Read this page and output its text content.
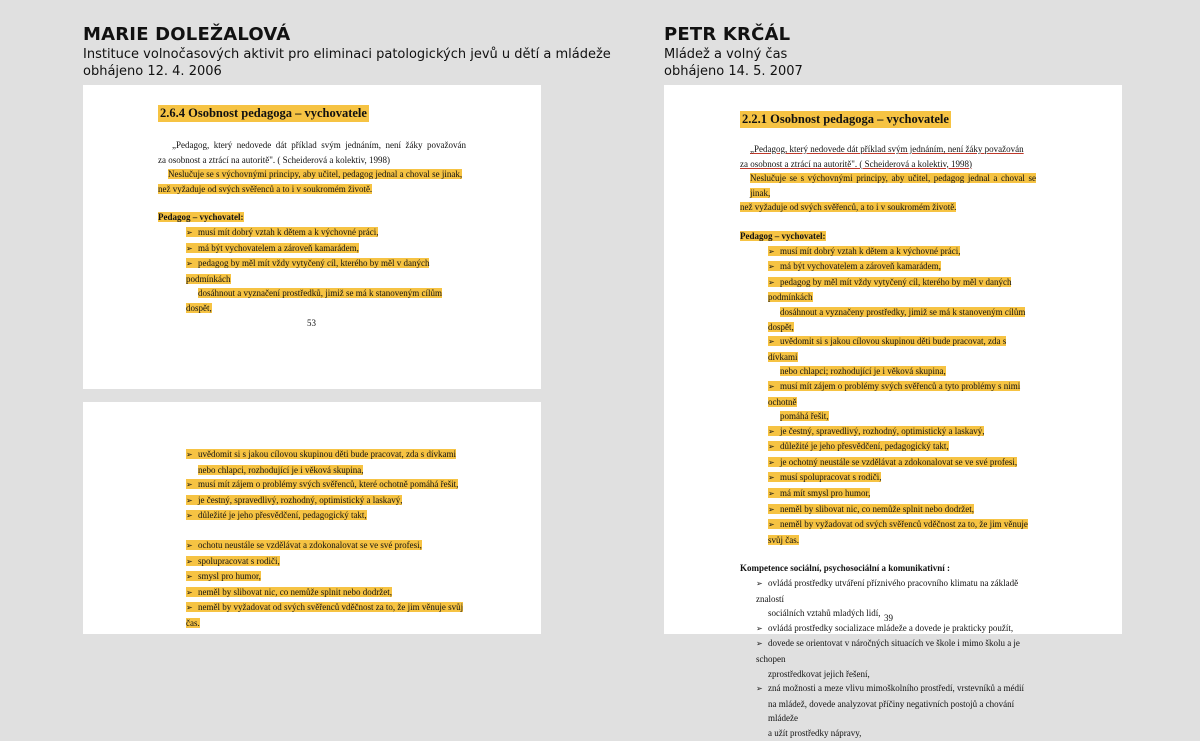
MARIE DOLEŽALOVÁ
Instituce volnočasových aktivit pro eliminaci patologických jevů u dětí a mládeže
obhájeno 12. 4. 2006
PETR KRČÁL
Mládež a volný čas
obhájeno 14. 5. 2007
2.6.4 Osobnost pedagoga – vychovatele
„Pedagog, který nedovede dát příklad svým jednáním, není žáky považován
za osobnost a ztrácí na autoritě". ( Scheiderová a kolektiv, 1998)
Neslučuje se s výchovnými principy, aby učitel, pedagog jednal a choval se jinak,
než vyžaduje od svých svěřenců a to i v soukromém životě.
Pedagog – vychovatel:
➢ musí mít dobrý vztah k dětem a k výchovné práci,
➢ má být vychovatelem a zároveň kamarádem,
➢ pedagog by měl mít vždy vytyčený cíl, kterého by měl v daných podmínkách
dosáhnout a vyznačení prostředků, jimiž se má k stanoveným cílům dospět,
53
➢ uvědomit si s jakou cílovou skupinou děti bude pracovat, zda s dívkami
nebo chlapci, rozhodující je i věková skupina,
➢ musí mít zájem o problémy svých svěřenců, které ochotně pomáhá řešit,
➢ je čestný, spravedlivý, rozhodný, optimistický a laskavý,
➢ důležité je jeho přesvědčení, pedagogický takt,
➢ ochotu neustále se vzdělávat a zdokonalovat se ve své profesi,
➢ spolupracovat s rodiči,
➢ smysl pro humor,
➢ neměl by slibovat nic, co nemůže splnit nebo dodržet,
➢ neměl by vyžadovat od svých svěřenců vděčnost za to, že jim věnuje svůj čas.
2.2.1 Osobnost pedagoga – vychovatele
„Pedagog, který nedovede dát příklad svým jednáním, není žáky považován
za osobnost a ztrácí na autoritě". ( Scheiderová a kolektiv, 1998)
Neslučuje se s výchovnými principy, aby učitel, pedagog jednal a choval se jinak,
než vyžaduje od svých svěřenců, a to i v soukromém životě.
Pedagog – vychovatel:
➢ musí mít dobrý vztah k dětem a k výchovné práci,
➢ má být vychovatelem a zároveň kamarádem,
➢ pedagog by měl mít vždy vytyčený cíl, kterého by měl v daných podmínkách
dosáhnout a vyznačeny prostředky, jimiž se má k stanoveným cílům dospět,
➢ uvědomit si s jakou cílovou skupinou děti bude pracovat, zda s dívkami
nebo chlapci; rozhodující je i věková skupina,
➢ musí mít zájem o problémy svých svěřenců a tyto problémy s nimi ochotně
pomáhá řešit,
➢ je čestný, spravedlivý, rozhodný, optimistický a laskavý,
➢ důležité je jeho přesvědčení, pedagogický takt,
➢ je ochotný neustále se vzdělávat a zdokonalovat se ve své profesi,
➢ musí spolupracovat s rodiči,
➢ má mít smysl pro humor,
➢ neměl by slibovat nic, co nemůže splnit nebo dodržet,
➢ neměl by vyžadovat od svých svěřenců vděčnost za to, že jim věnuje svůj čas.
Kompetence sociální, psychosociální a komunikativní :
➢ ovládá prostředky utváření příznivého pracovního klimatu na základě znalostí
sociálních vztahů mladých lidí,
➢ ovládá prostředky socializace mládeže a dovede je prakticky použít,
➢ dovede se orientovat v náročných situacích ve škole i mimo školu a je schopen
zprostředkovat jejich řešení,
➢ zná možnosti a meze vlivu mimoškolního prostředí, vrstevníků a médií
na mládež, dovede analyzovat příčiny negativních postojů a chování mládeže
a užít prostředky nápravy,
39
